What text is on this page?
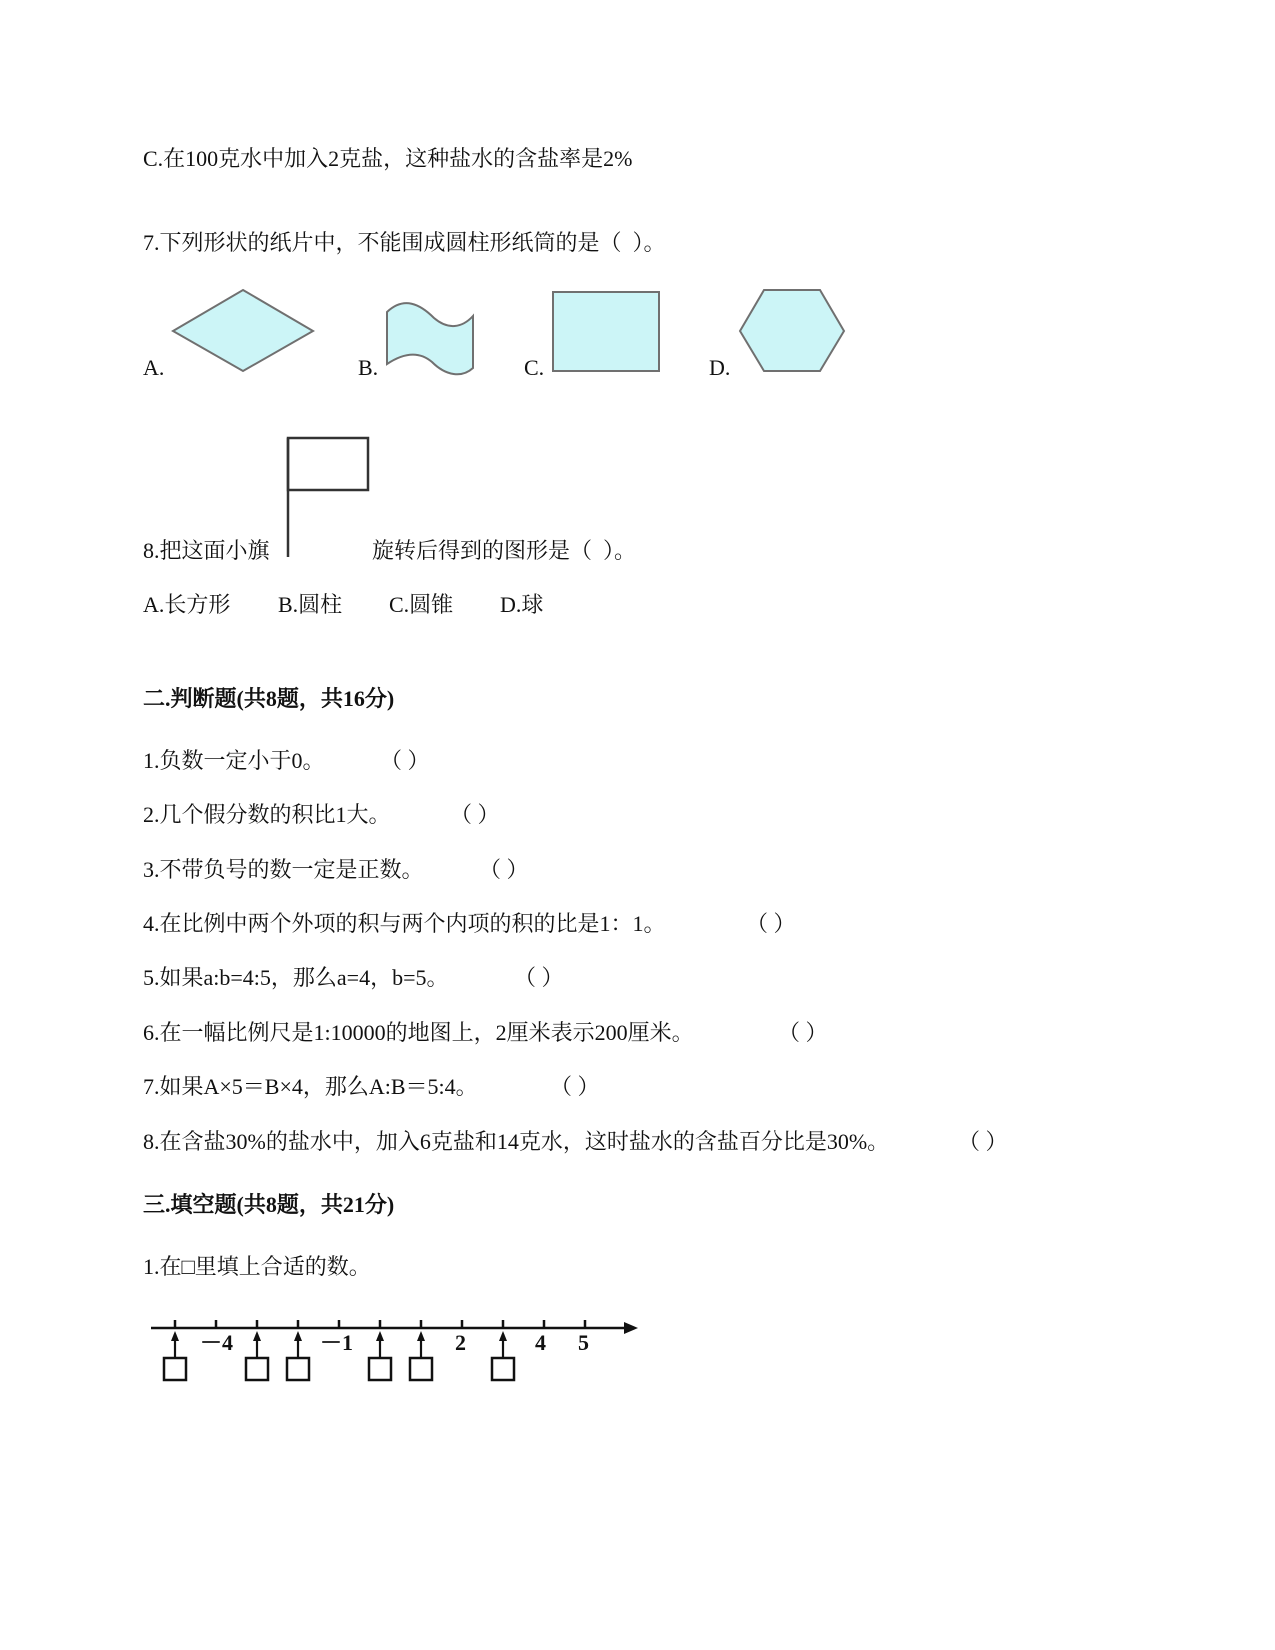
C.在100克水中加入2克盐，这种盐水的含盐率是2%
7.下列形状的纸片中，不能围成圆柱形纸筒的是（  ）。
A.	B.	C.	D.
8.把这面小旗	旋转后得到的图形是（  ）。
A.长方形 B.圆柱 C.圆锥 D.球
二.判断题(共8题，共16分)
1.负数一定小于0。	（ ）
2.几个假分数的积比1大。	（ ）
3.不带负号的数一定是正数。	（ ）
4.在比例中两个外项的积与两个内项的积的比是1：1。	（ ）
5.如果a:b=4:5，那么a=4，b=5。	（ ）
6.在一幅比例尺是1:10000的地图上，2厘米表示200厘米。	（ ）
7.如果A×5＝B×4，那么A:B＝5:4。	（ ）
8.在含盐30%的盐水中，加入6克盐和14克水，这时盐水的含盐百分比是30%。	（ ）
三.填空题(共8题，共21分)
1.在□里填上合适的数。
－4	－1	2	4 5
